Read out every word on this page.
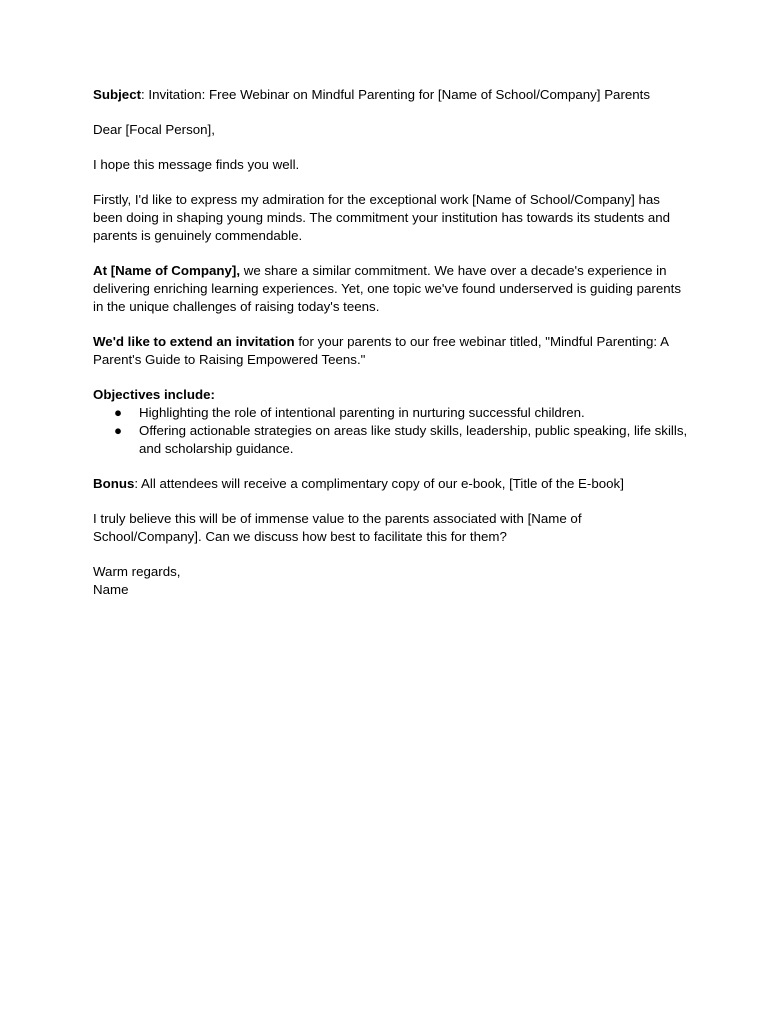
Subject: Invitation: Free Webinar on Mindful Parenting for [Name of School/Company] Parents

Dear [Focal Person],

I hope this message finds you well.

Firstly, I'd like to express my admiration for the exceptional work [Name of School/Company] has been doing in shaping young minds. The commitment your institution has towards its students and parents is genuinely commendable.

At [Name of Company], we share a similar commitment. We have over a decade's experience in delivering enriching learning experiences. Yet, one topic we've found underserved is guiding parents in the unique challenges of raising today's teens.

We'd like to extend an invitation for your parents to our free webinar titled, "Mindful Parenting: A Parent's Guide to Raising Empowered Teens."

Objectives include:

● Highlighting the role of intentional parenting in nurturing successful children.
● Offering actionable strategies on areas like study skills, leadership, public speaking, life skills, and scholarship guidance.

Bonus: All attendees will receive a complimentary copy of our e-book, [Title of the E-book]

I truly believe this will be of immense value to the parents associated with [Name of School/Company]. Can we discuss how best to facilitate this for them?

Warm regards,
Name
